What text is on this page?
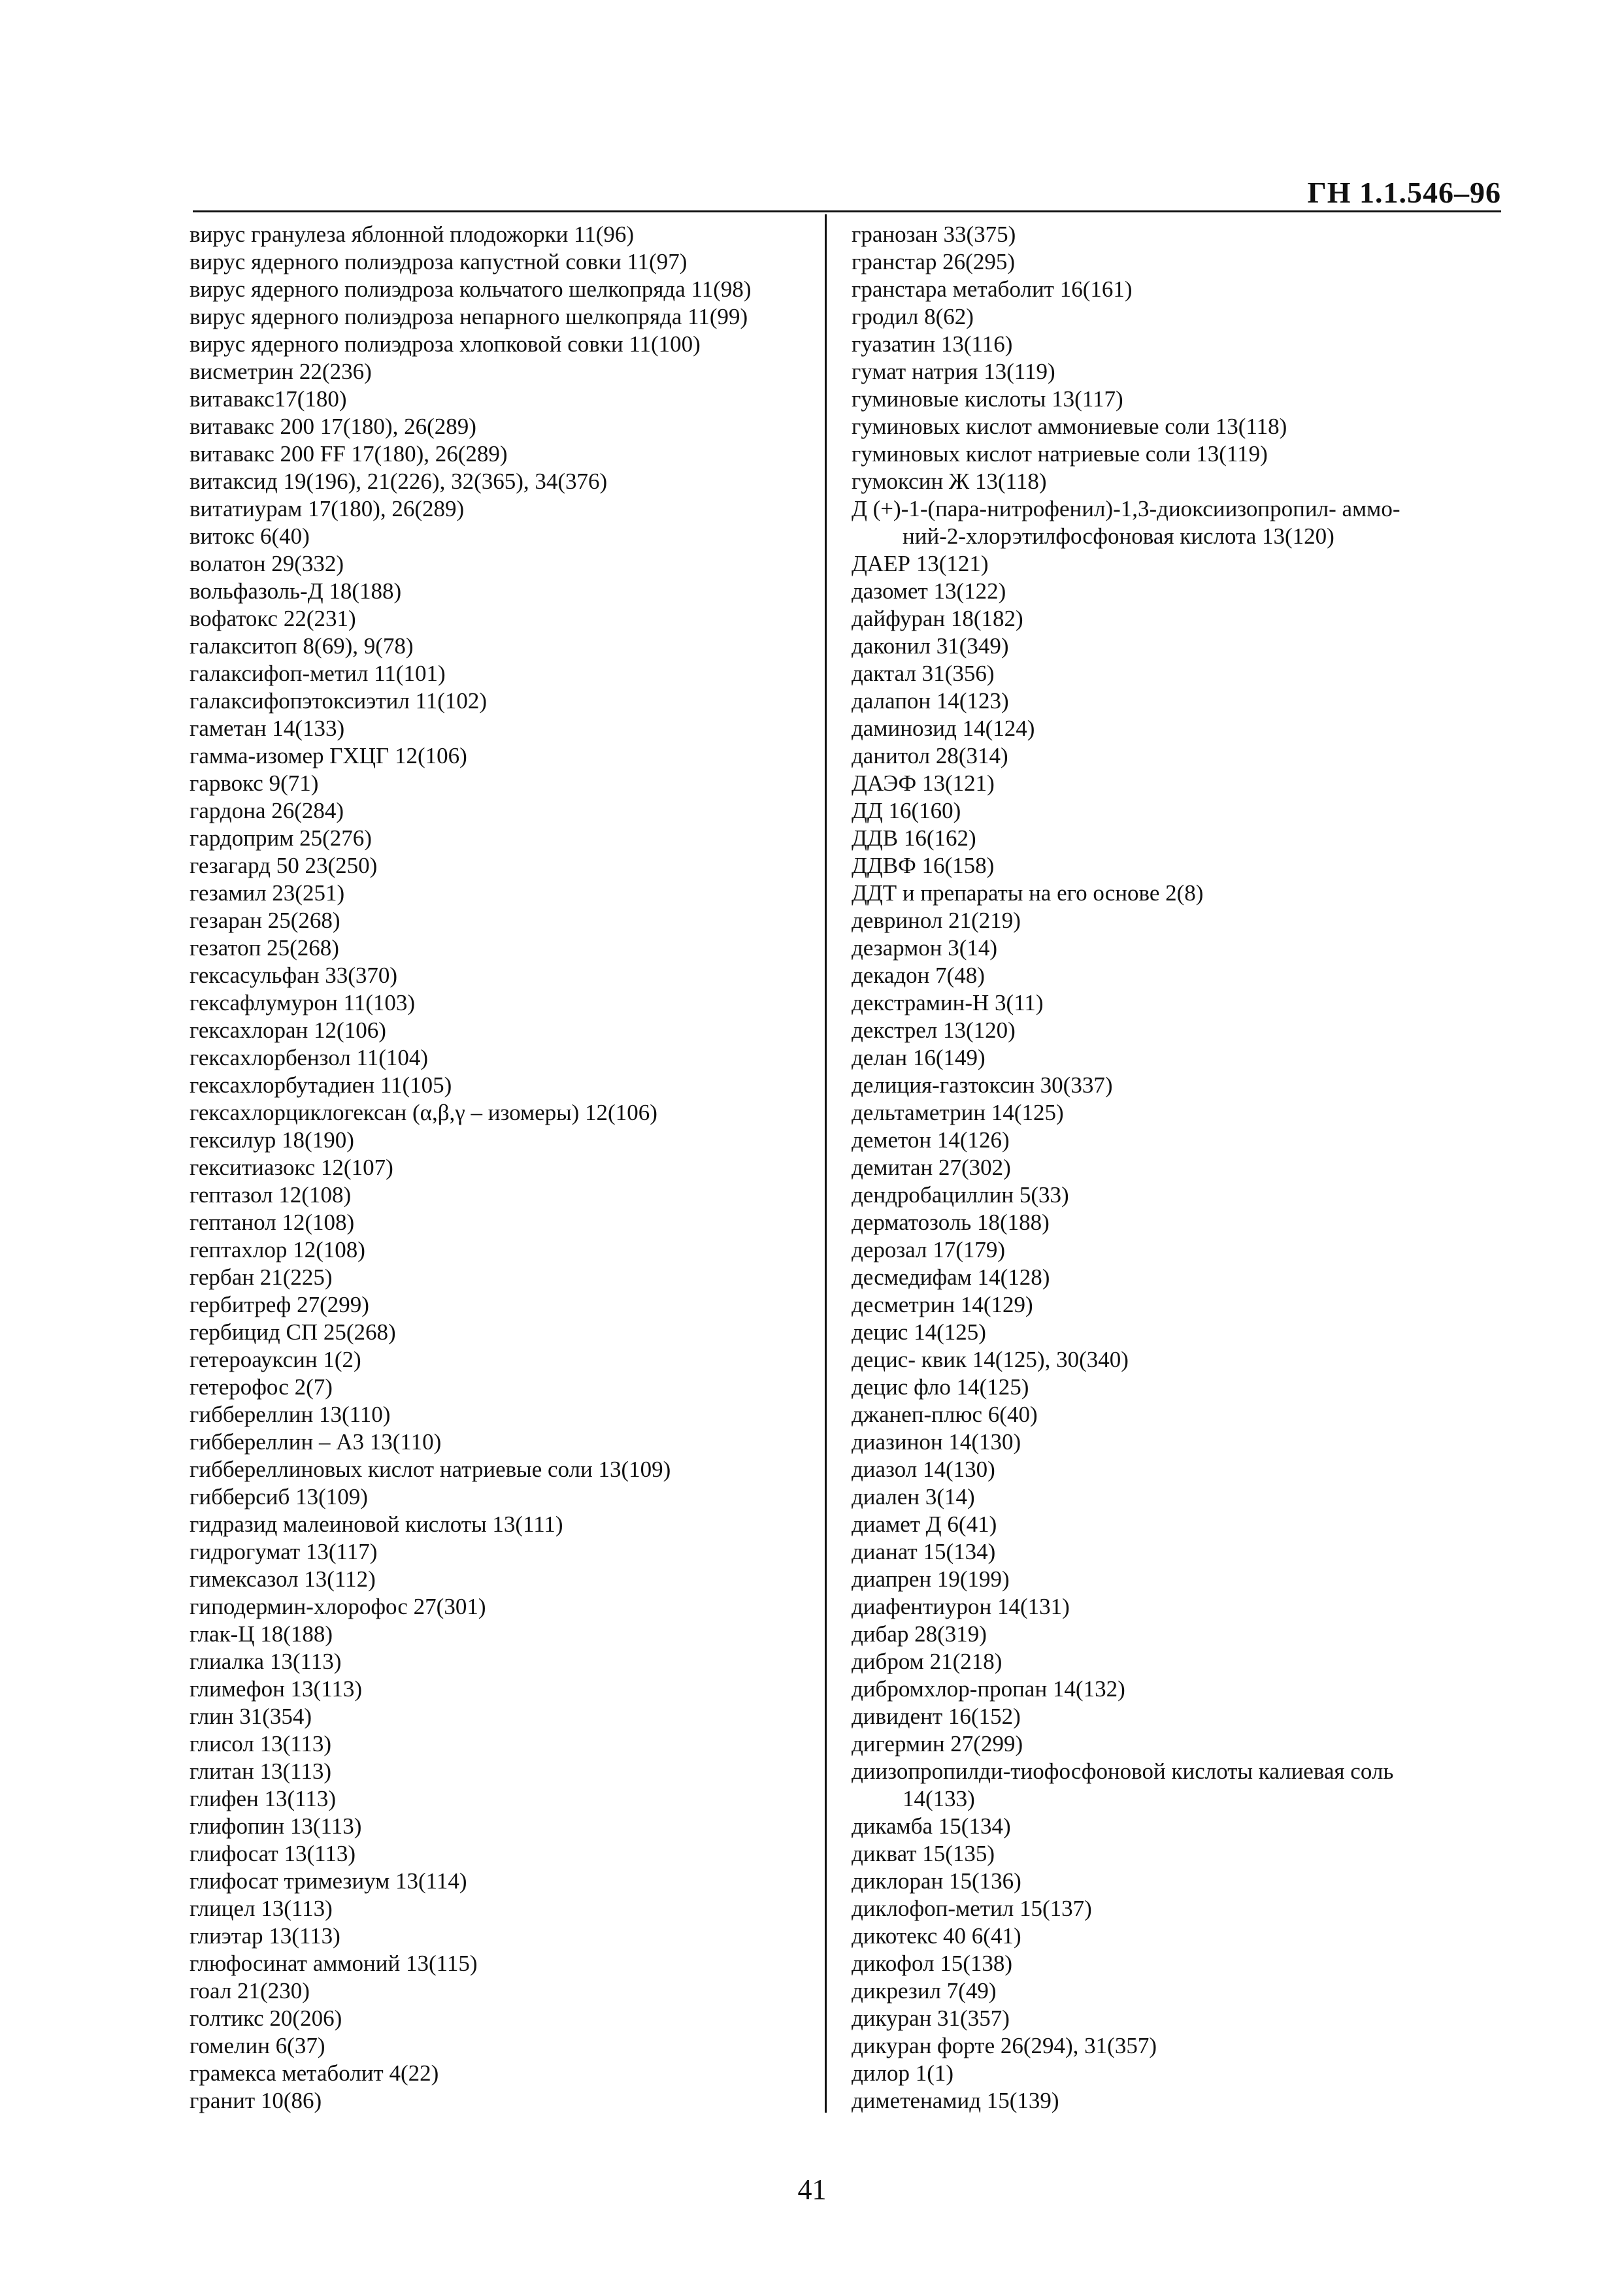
ГН 1.1.546–96
вирус гранулеза яблонной плодожорки 11(96)
вирус ядерного полиэдроза капустной совки 11(97)
вирус ядерного полиэдроза кольчатого шелкопряда 11(98)
вирус ядерного полиэдроза непарного шелкопряда 11(99)
вирус ядерного полиэдроза хлопковой совки 11(100)
висметрин 22(236)
витавакс17(180)
витавакс 200 17(180), 26(289)
витавакс 200 FF 17(180), 26(289)
витаксид 19(196), 21(226), 32(365), 34(376)
витатиурам 17(180), 26(289)
витокс 6(40)
волатон 29(332)
вольфазоль-Д 18(188)
вофатокс 22(231)
галакситоп 8(69), 9(78)
галаксифоп-метил 11(101)
галаксифопэтоксиэтил 11(102)
гаметан 14(133)
гамма-изомер ГХЦГ 12(106)
гарвокс 9(71)
гардона 26(284)
гардоприм 25(276)
гезагард 50 23(250)
гезамил 23(251)
гезаран 25(268)
гезатоп 25(268)
гексасульфан 33(370)
гексафлумурон 11(103)
гексахлоран 12(106)
гексахлорбензол 11(104)
гексахлорбутадиен 11(105)
гексахлорциклогексан (α,β,γ – изомеры) 12(106)
гексилур 18(190)
гекситиазокс 12(107)
гептазол 12(108)
гептанол 12(108)
гептахлор 12(108)
гербан 21(225)
гербитреф 27(299)
гербицид СП 25(268)
гетероауксин 1(2)
гетерофос 2(7)
гиббереллин 13(110)
гиббереллин – А3 13(110)
гиббереллиновых кислот натриевые соли 13(109)
гибберсиб 13(109)
гидразид малеиновой кислоты 13(111)
гидрогумат 13(117)
гимексазол 13(112)
гиподермин-хлорофос 27(301)
глак-Ц 18(188)
глиалка 13(113)
глимефон 13(113)
глин 31(354)
глисол 13(113)
глитан 13(113)
глифен 13(113)
глифопин 13(113)
глифосат 13(113)
глифосат тримезиум 13(114)
глицел 13(113)
глиэтар 13(113)
глюфосинат аммоний 13(115)
гоал 21(230)
голтикс 20(206)
гомелин 6(37)
грамекса метаболит 4(22)
гранит 10(86)
гранозан 33(375)
гранстар 26(295)
гранстара метаболит 16(161)
гродил 8(62)
гуазатин 13(116)
гумат натрия 13(119)
гуминовые кислоты 13(117)
гуминовых кислот аммониевые соли 13(118)
гуминовых кислот натриевые соли 13(119)
гумоксин Ж 13(118)
Д (+)-1-(пара-нитрофенил)-1,3-диоксиизопропил- аммо-
ний-2-хлорэтилфосфоновая кислота 13(120)
ДАЕР 13(121)
дазомет 13(122)
дайфуран 18(182)
даконил 31(349)
дактал 31(356)
далапон 14(123)
даминозид 14(124)
данитол 28(314)
ДАЭФ 13(121)
ДД 16(160)
ДДВ 16(162)
ДДВФ 16(158)
ДДТ и препараты на его основе 2(8)
девринол 21(219)
дезармон 3(14)
декадон 7(48)
декстрамин-Н 3(11)
декстрел 13(120)
делан 16(149)
делиция-газтоксин 30(337)
дельтаметрин 14(125)
деметон 14(126)
демитан 27(302)
дендробациллин 5(33)
дерматозоль 18(188)
дерозал 17(179)
десмедифам 14(128)
десметрин 14(129)
децис 14(125)
децис- квик 14(125), 30(340)
децис фло 14(125)
джанеп-плюс 6(40)
диазинон 14(130)
диазол 14(130)
диален 3(14)
диамет Д 6(41)
дианат 15(134)
диапрен 19(199)
диафентиурон 14(131)
дибар 28(319)
дибром 21(218)
дибромхлор-пропан 14(132)
дивидент 16(152)
дигермин 27(299)
диизопропилди-тиофосфоновой кислоты калиевая соль
14(133)
дикамба 15(134)
дикват 15(135)
диклоран 15(136)
диклофоп-метил 15(137)
дикотекс 40 6(41)
дикофол 15(138)
дикрезил 7(49)
дикуран 31(357)
дикуран форте 26(294), 31(357)
дилор 1(1)
диметенамид 15(139)
41
